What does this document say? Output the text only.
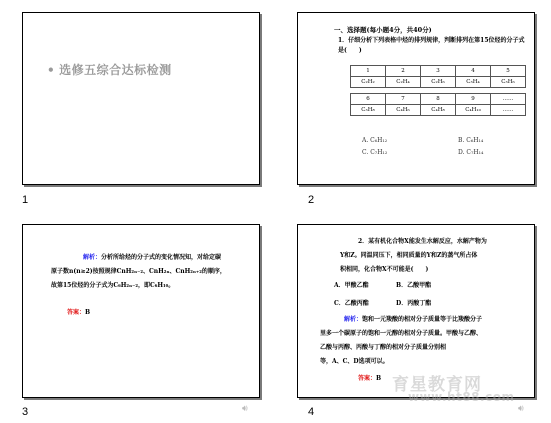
• 选修五综合达标检测
1
一、选择题(每小题4分，共40分)
1．仔细分析下列表格中烃的排列规律，判断排列在第15位烃的分子式是(　　)
1	2	3	4	5
C₂H₂	C₂H₄	C₂H₆	C₃H₄	C₃H₆
6	7	8	9	……
C₃H₈	C₄H₆	C₄H₈	C₄H₁₀	……
A. C₆H₁₂	B. C₆H₁₄
C. C₇H₁₂	D. C₇H₁₄
2
解析：分析所给烃的分子式的变化情况知，对给定碳
原子数n(n≥2)按照规律CnH₂ₙ₋₂、CnH₂ₙ、CnH₂ₙ₊₂的顺序，
故第15位烃的分子式为C₆H₂ₙ₋₂，即C₆H₁₀。
答案：B
3	🔊︎
2．某有机化合物X能发生水解反应，水解产物为
Y和Z。同温同压下，相同质量的Y和Z的蒸气所占体
积相同，化合物X不可能是(　　)
A．甲酸乙酯	B．乙酸甲酯
C．乙酸丙酯	D．丙酸丁酯
解析：饱和一元羧酸的相对分子质量等于比羧酸分子
里多一个碳原子的饱和一元醇的相对分子质量。甲酸与乙醇、
乙酸与丙醇、丙酸与丁醇的相对分子质量分别相
等，A、C、D选项可以。
答案：B
4	🔊︎
育星教育网
www.ht88.com
